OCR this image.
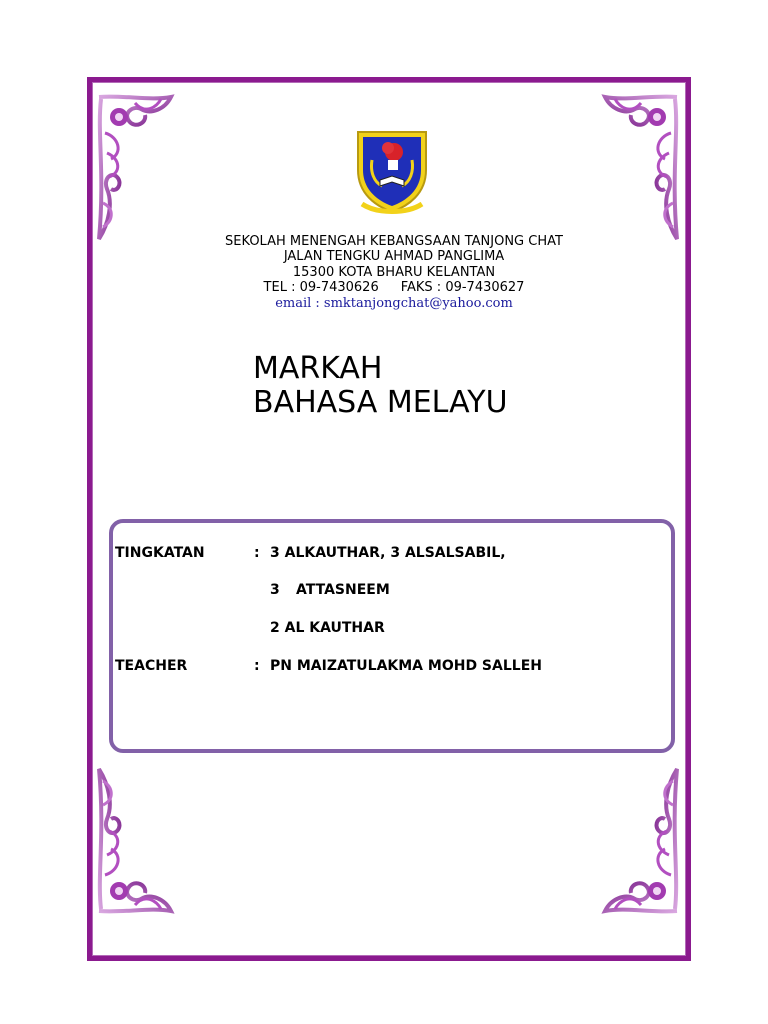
SEKOLAH MENENGAH KEBANGSAAN TANJONG CHAT
JALAN TENGKU AHMAD PANGLIMA
15300 KOTA BHARU KELANTAN
TEL : 09-7430626 FAKS : 09-7430627
email : smktanjongchat@yahoo.com
MARKAH
BAHASA MELAYU
TINGKATAN	: 3 ALKAUTHAR, 3 ALSALSABIL,
3 ATTASNEEM
2 AL KAUTHAR
TEACHER	: PN MAIZATULAKMA MOHD SALLEH
